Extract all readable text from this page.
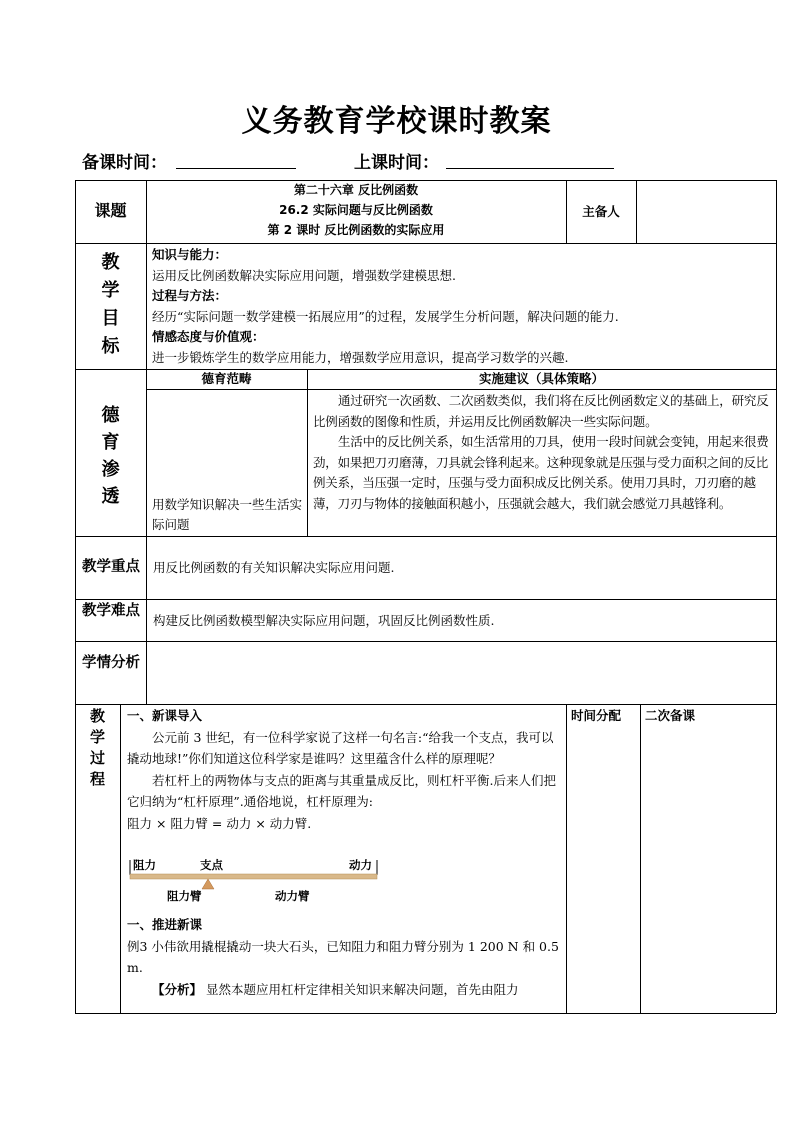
义务教育学校课时教案
备课时间：	上课时间：
课题
第二十六章 反比例函数
26.2 实际问题与反比例函数
第 2 课时 反比例函数的实际应用
主备人
教
学
目
标

知识与能力：

运用反比例函数解决实际应用问题，增强数学建模思想.

过程与方法：

经历“实际问题一数学建模一拓展应用”的过程，发展学生分析问题，解决问题的能力.

情感态度与价值观：

进一步锻炼学生的数学应用能力，增强数学应用意识，提高学习数学的兴趣.

德
育
渗
透
德育范畴	实施建议（具体策略）
用数学知识解决一些生活实际问题

通过研究一次函数、二次函数类似，我们将在反比例函数定义的基础上，研究反比例函数的图像和性质，并运用反比例函数解决一些实际问题。

生活中的反比例关系，如生活常用的刀具，使用一段时间就会变钝，用起来很费劲，如果把刀刃磨薄，刀具就会锋利起来。这种现象就是压强与受力面积之间的反比例关系，当压强一定时，压强与受力面积成反比例关系。使用刀具时，刀刃磨的越薄，刀刃与物体的接触面积越小，压强就会越大，我们就会感觉刀具越锋利。

教学重点 用反比例函数的有关知识解决实际应用问题.
教学难点
构建反比例函数模型解决实际应用问题，巩固反比例函数性质.
学情分析
教
学
过
程
时间分配 二次备课

一、新课导入

公元前 3 世纪，有一位科学家说了这样一句名言:“给我一个支点，我可以撬动地球!”你们知道这位科学家是谁吗？这里蕴含什么样的原理呢？

若杠杆上的两物体与支点的距离与其重量成反比，则杠杆平衡.后来人们把它归纳为“杠杆原理”.通俗地说，杠杆原理为:

阻力 × 阻力臂 = 动力 × 动力臂.

阻力	支点	动力
阻力臂	动力臂

一、推进新课

例3 小伟欲用撬棍撬动一块大石头，已知阻力和阻力臂分别为 1 200 N 和 0.5 m.

【分析】 显然本题应用杠杆定律相关知识来解决问题，首先由阻力
